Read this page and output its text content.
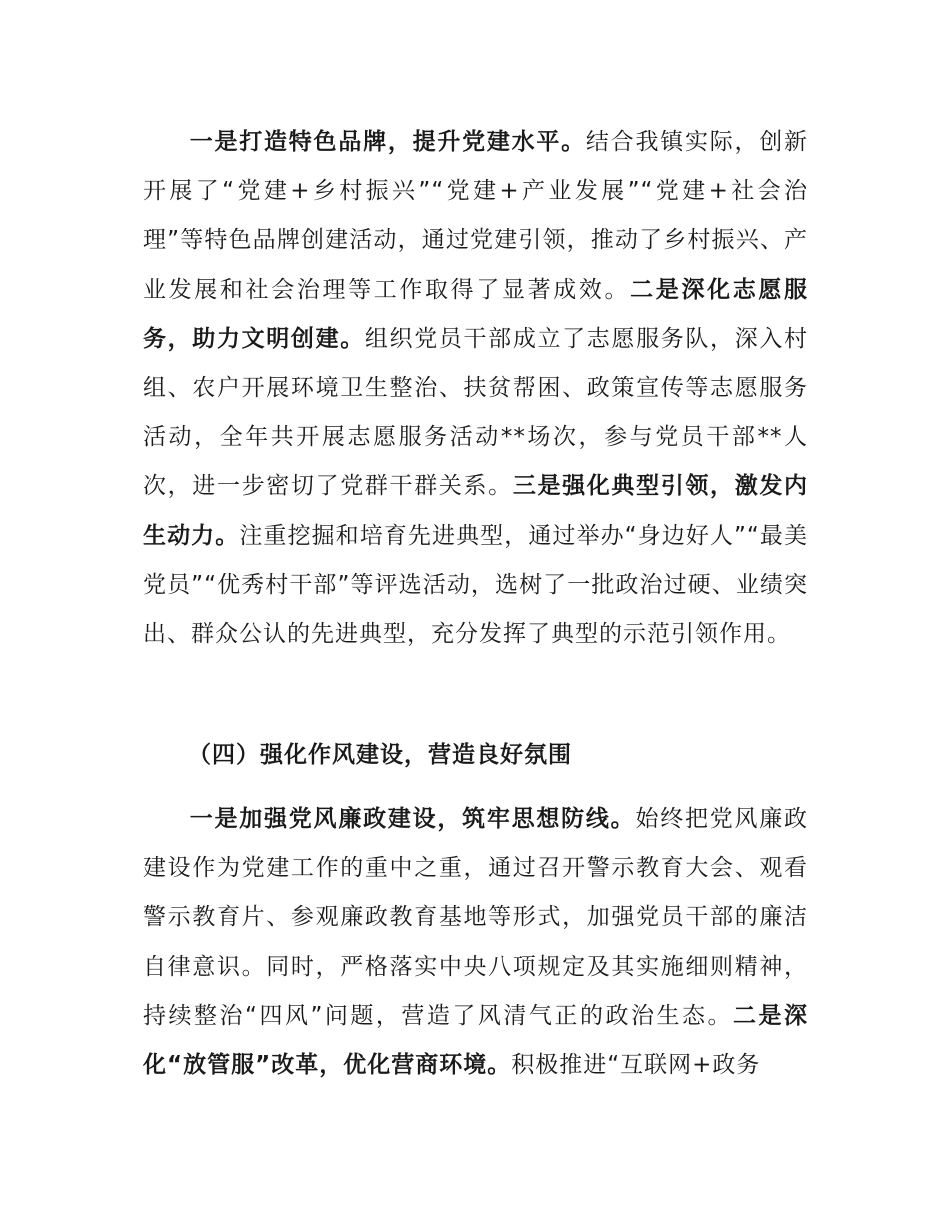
一是打造特色品牌，提升党建水平。结合我镇实际，创新开展了“党建+乡村振兴”“党建+产业发展”“党建+社会治理”等特色品牌创建活动，通过党建引领，推动了乡村振兴、产业发展和社会治理等工作取得了显著成效。二是深化志愿服务，助力文明创建。组织党员干部成立了志愿服务队，深入村组、农户开展环境卫生整治、扶贫帮困、政策宣传等志愿服务活动，全年共开展志愿服务活动**场次，参与党员干部**人次，进一步密切了党群干群关系。三是强化典型引领，激发内生动力。注重挖掘和培育先进典型，通过举办“身边好人”“最美党员”“优秀村干部”等评选活动，选树了一批政治过硬、业绩突出、群众公认的先进典型，充分发挥了典型的示范引领作用。
（四）强化作风建设，营造良好氛围
一是加强党风廉政建设，筑牢思想防线。始终把党风廉政建设作为党建工作的重中之重，通过召开警示教育大会、观看警示教育片、参观廉政教育基地等形式，加强党员干部的廉洁自律意识。同时，严格落实中央八项规定及其实施细则精神，持续整治“四风”问题，营造了风清气正的政治生态。二是深化“放管服”改革，优化营商环境。积极推进“互联网+政务
